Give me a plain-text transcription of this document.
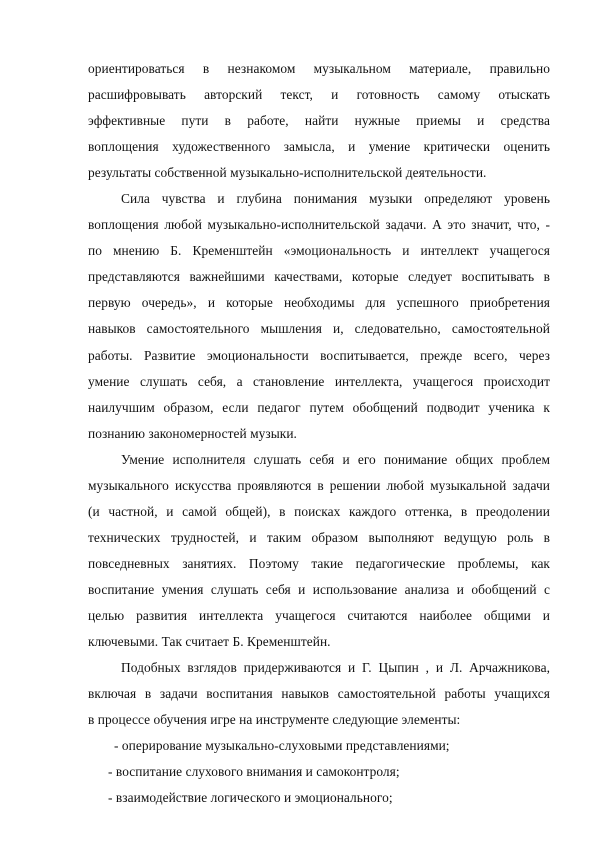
ориентироваться в незнакомом музыкальном материале, правильно
расшифровывать авторский текст, и готовность самому отыскать
эффективные пути в работе, найти нужные приемы и средства
воплощения художественного замысла, и умение критически оценить
результаты собственной музыкально-исполнительской деятельности.
Сила чувства и глубина понимания музыки определяют уровень
воплощения любой музыкально-исполнительской задачи. А это значит, что, -
по мнению Б. Кременштейн «эмоциональность и интеллект учащегося
представляются важнейшими качествами, которые следует воспитывать в
первую очередь», и которые необходимы для успешного приобретения
навыков самостоятельного мышления и, следовательно, самостоятельной
работы. Развитие эмоциональности воспитывается, прежде всего, через
умение слушать себя, а становление интеллекта, учащегося происходит
наилучшим образом, если педагог путем обобщений подводит ученика к
познанию закономерностей музыки.
Умение исполнителя слушать себя и его понимание общих проблем
музыкального искусства проявляются в решении любой музыкальной задачи
(и частной, и самой общей), в поисках каждого оттенка, в преодолении
технических трудностей, и таким образом выполняют ведущую роль в
повседневных занятиях. Поэтому такие педагогические проблемы, как
воспитание умения слушать себя и использование анализа и обобщений с
целью развития интеллекта учащегося считаются наиболее общими и
ключевыми. Так считает Б. Кременштейн.
Подобных взглядов придерживаются и Г. Цыпин , и Л. Арчажникова,
включая в задачи воспитания навыков самостоятельной работы учащихся
в процессе обучения игре на инструменте следующие элементы:
- оперирование музыкально-слуховыми представлениями;
- воспитание слухового внимания и самоконтроля;
- взаимодействие логического и эмоционального;
